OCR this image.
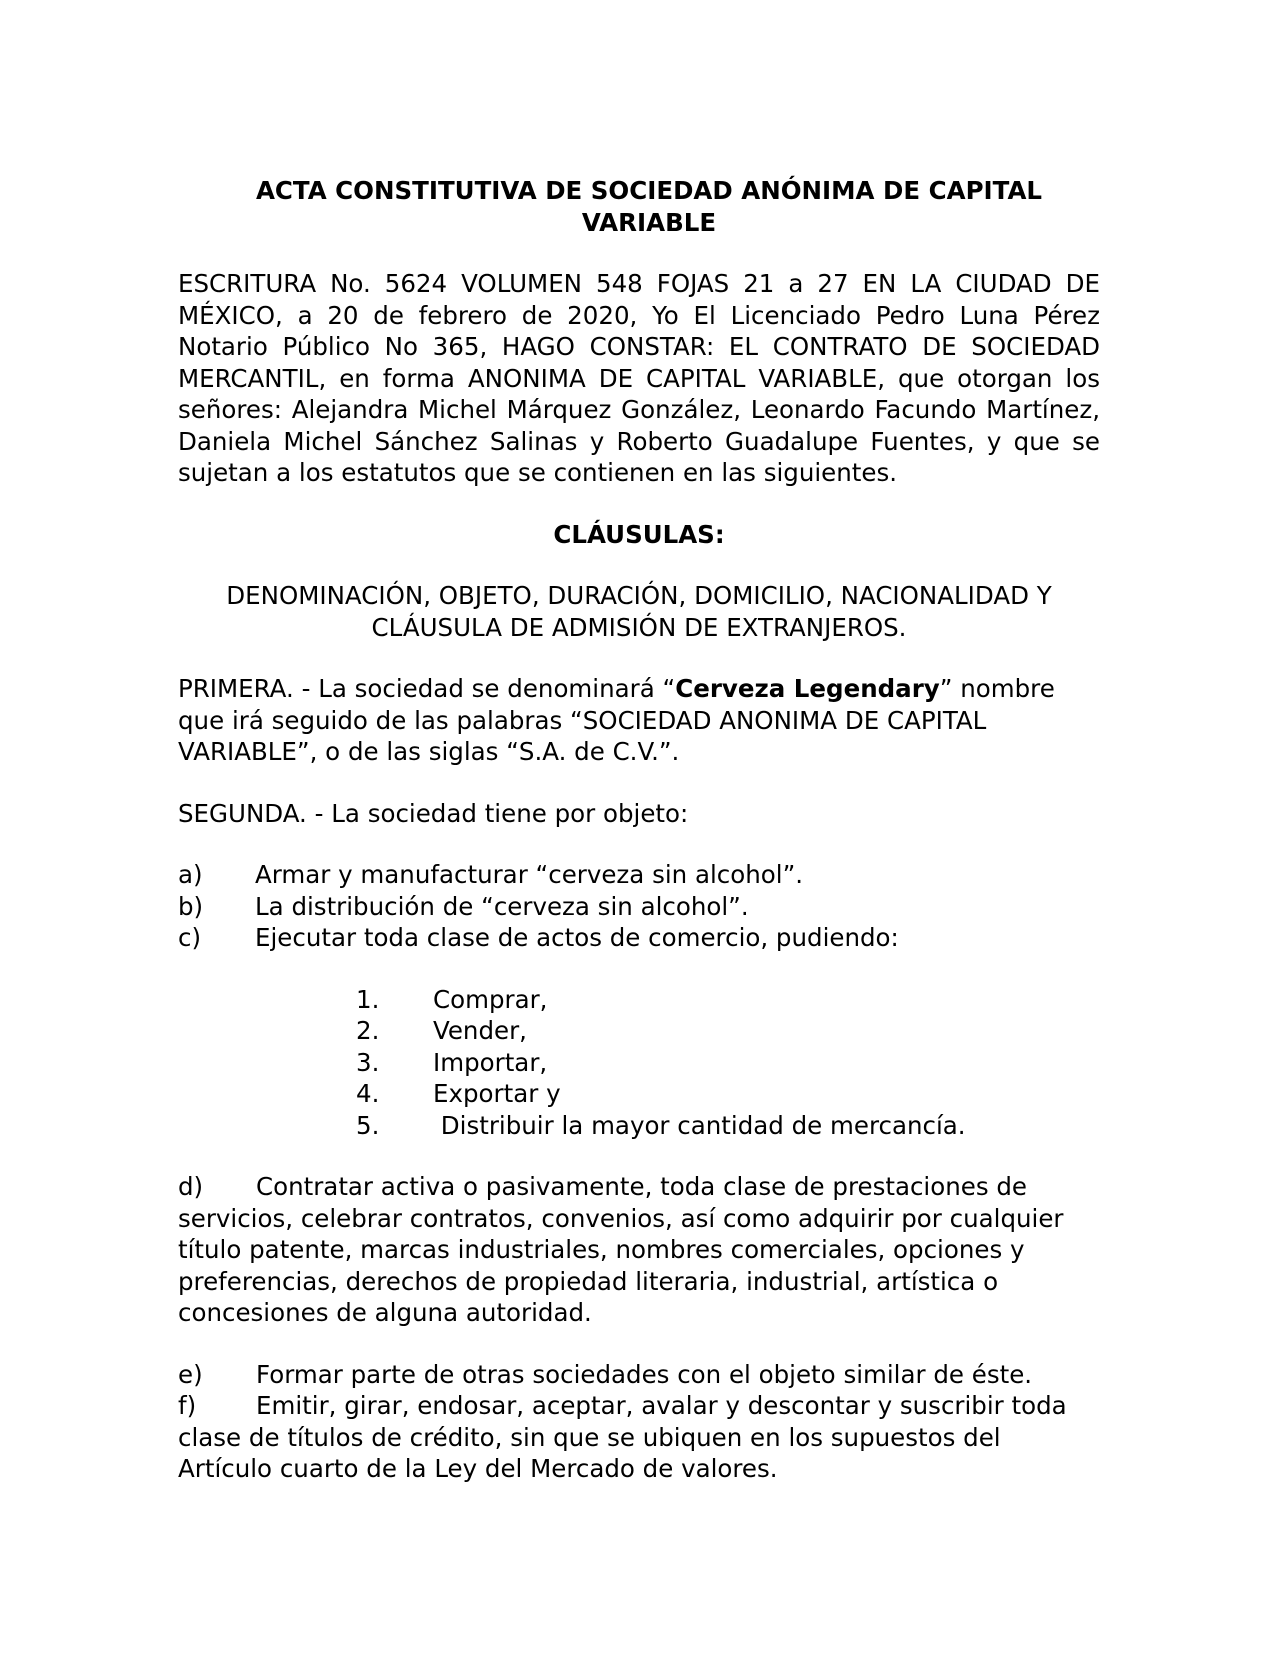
ACTA CONSTITUTIVA DE SOCIEDAD ANÓNIMA DE CAPITAL VARIABLE

ESCRITURA No. 5624 VOLUMEN 548 FOJAS 21 a 27 EN LA CIUDAD DE MÉXICO, a 20 de febrero de 2020, Yo El Licenciado Pedro Luna Pérez Notario Público No 365, HAGO CONSTAR: EL CONTRATO DE SOCIEDAD MERCANTIL, en forma ANONIMA DE CAPITAL VARIABLE, que otorgan los señores: Alejandra Michel Márquez González, Leonardo Facundo Martínez, Daniela Michel Sánchez Salinas y Roberto Guadalupe Fuentes, y que se sujetan a los estatutos que se contienen en las siguientes.

CLÁUSULAS:

DENOMINACIÓN, OBJETO, DURACIÓN, DOMICILIO, NACIONALIDAD Y CLÁUSULA DE ADMISIÓN DE EXTRANJEROS.

PRIMERA. - La sociedad se denominará “Cerveza Legendary” nombre que irá seguido de las palabras “SOCIEDAD ANONIMA DE CAPITAL VARIABLE”, o de las siglas “S.A. de C.V.”.

SEGUNDA. - La sociedad tiene por objeto:

a)	Armar y manufacturar “cerveza sin alcohol”.
b)	La distribución de “cerveza sin alcohol”.
c)	Ejecutar toda clase de actos de comercio, pudiendo:
1.	Comprar,
2.	Vender,
3.	Importar,
4.	Exportar y
5.	Distribuir la mayor cantidad de mercancía.

d) Contratar activa o pasivamente, toda clase de prestaciones de servicios, celebrar contratos, convenios, así como adquirir por cualquier título patente, marcas industriales, nombres comerciales, opciones y preferencias, derechos de propiedad literaria, industrial, artística o concesiones de alguna autoridad.

e) Formar parte de otras sociedades con el objeto similar de éste.

f) Emitir, girar, endosar, aceptar, avalar y descontar y suscribir toda clase de títulos de crédito, sin que se ubiquen en los supuestos del Artículo cuarto de la Ley del Mercado de valores.
